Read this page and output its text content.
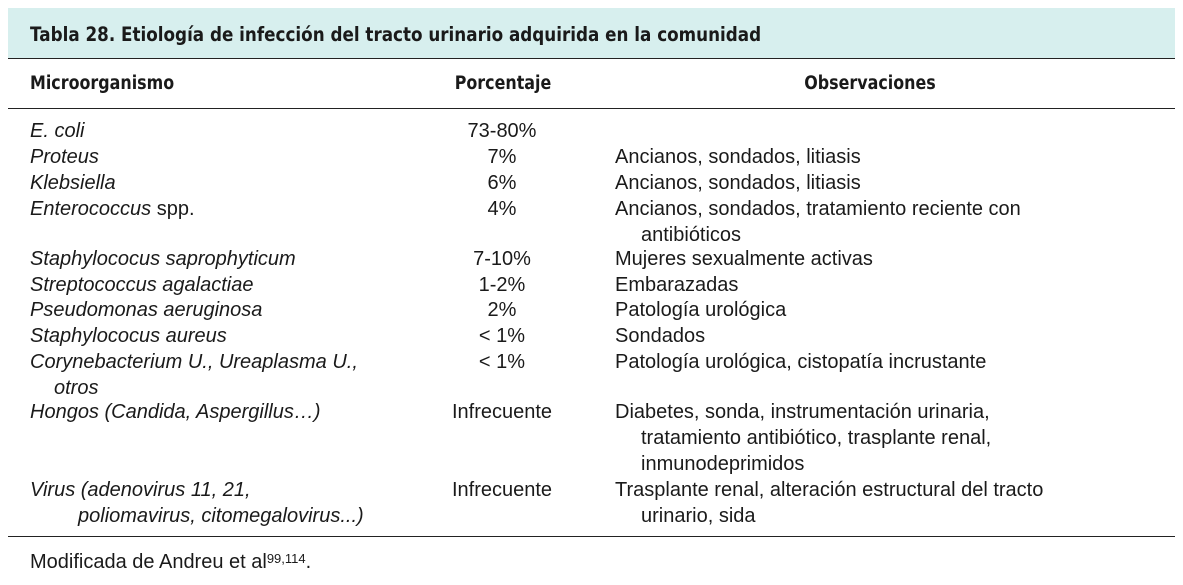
Tabla 28. Etiología de infección del tracto urinario adquirida en la comunidad
Microorganismo	Porcentaje	Observaciones
E. coli	73-80%
Proteus	7%	Ancianos, sondados, litiasis
Klebsiella	6%	Ancianos, sondados, litiasis
Enterococcus spp.	4%	Ancianos, sondados, tratamiento reciente con
antibióticos
Staphylococus saprophyticum	7-10%	Mujeres sexualmente activas
Streptococcus agalactiae	1-2%	Embarazadas
Pseudomonas aeruginosa	2%	Patología urológica
Staphylococus aureus	< 1%	Sondados
Corynebacterium U., Ureaplasma U.,
otros
< 1%	Patología urológica, cistopatía incrustante
Hongos (Candida, Aspergillus…)	Infrecuente	Diabetes, sonda, instrumentación urinaria,
tratamiento antibiótico, trasplante renal,
inmunodeprimidos
Virus (adenovirus 11, 21,
poliomavirus, citomegalovirus...)
Infrecuente	Trasplante renal, alteración estructural del tracto
urinario, sida
Modificada de Andreu et al$^{99,114}$.
